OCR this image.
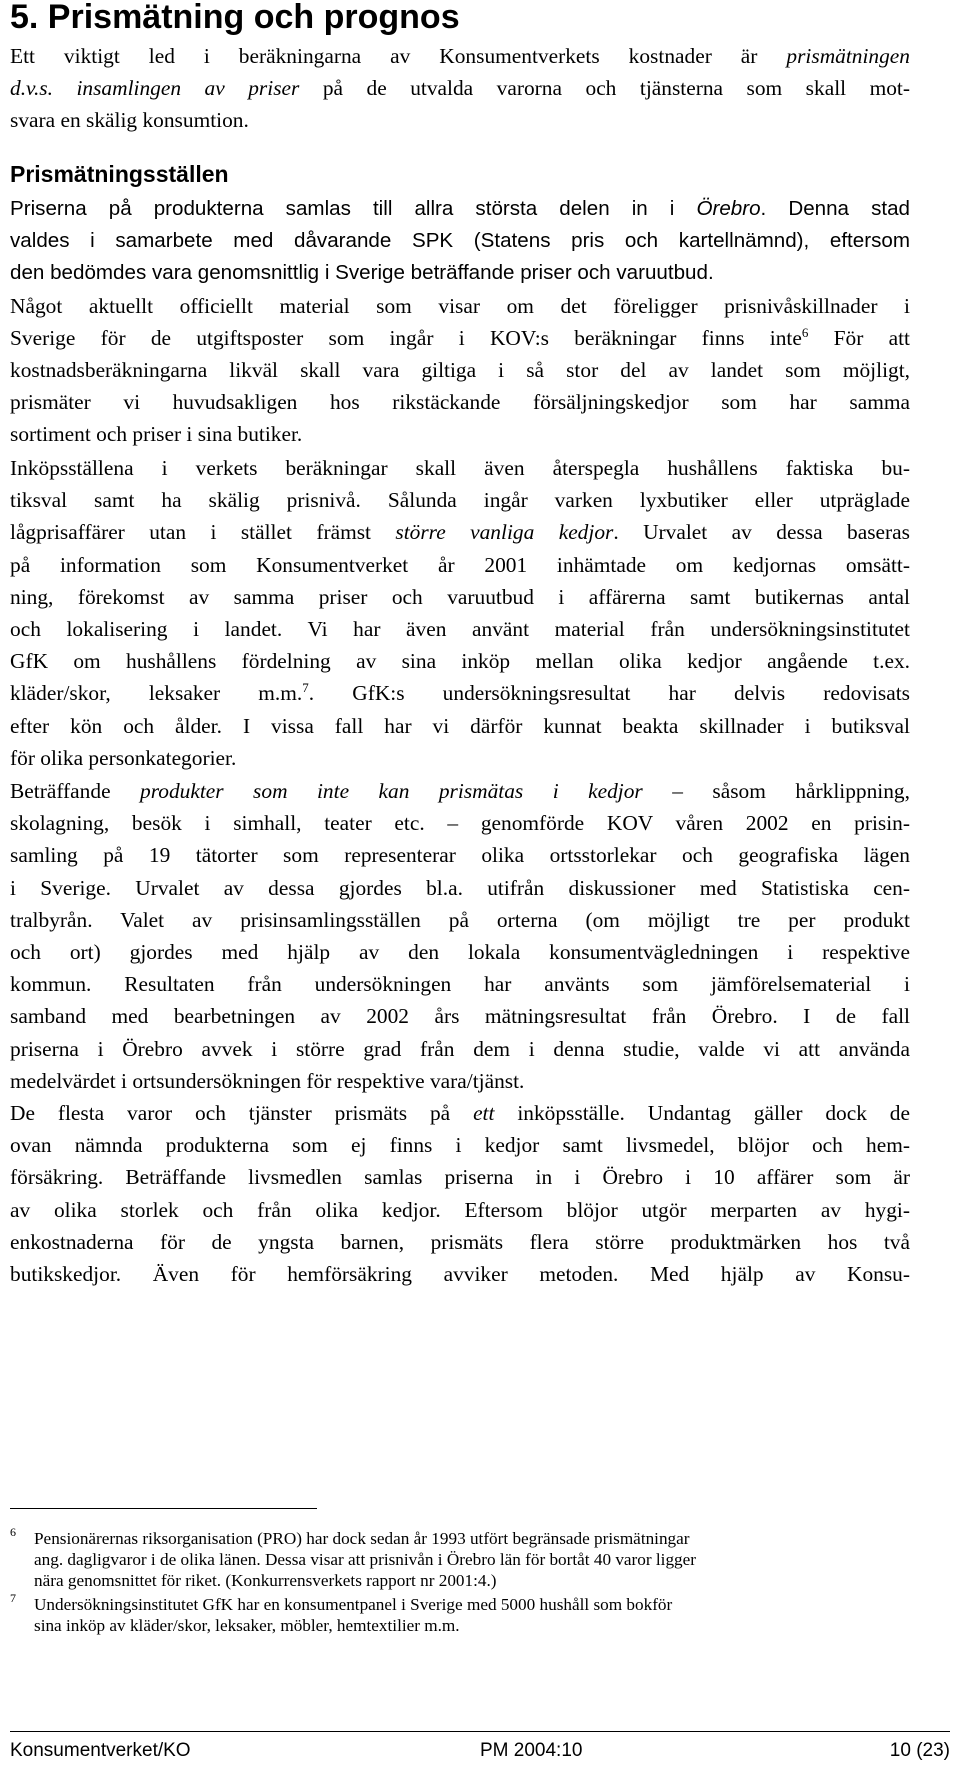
5. Prismätning och prognos
Ett viktigt led i beräkningarna av Konsumentverkets kostnader är prismätningen
d.v.s. insamlingen av priser på de utvalda varorna och tjänsterna som skall mot-
svara en skälig konsumtion.
Prismätningsställen
Priserna på produkterna samlas till allra största delen in i Örebro. Denna stad
valdes i samarbete med dåvarande SPK (Statens pris och kartellnämnd), eftersom
den bedömdes vara genomsnittlig i Sverige beträffande priser och varuutbud.
Något aktuellt officiellt material som visar om det föreligger prisnivåskillnader i
Sverige för de utgiftsposter som ingår i KOV:s beräkningar finns inte$^6$ För att
kostnadsberäkningarna likväl skall vara giltiga i så stor del av landet som möjligt,
prismäter vi huvudsakligen hos rikstäckande försäljningskedjor som har samma
sortiment och priser i sina butiker.
Inköpsställena i verkets beräkningar skall även återspegla hushållens faktiska bu-
tiksval samt ha skälig prisnivå. Sålunda ingår varken lyxbutiker eller utpräglade
lågprisaffärer utan i stället främst större vanliga kedjor. Urvalet av dessa baseras
på information som Konsumentverket år 2001 inhämtade om kedjornas omsätt-
ning, förekomst av samma priser och varuutbud i affärerna samt butikernas antal
och lokalisering i landet. Vi har även använt material från undersökningsinstitutet
GfK om hushållens fördelning av sina inköp mellan olika kedjor angående t.ex.
kläder/skor, leksaker m.m.$^7$. GfK:s undersökningsresultat har delvis redovisats
efter kön och ålder. I vissa fall har vi därför kunnat beakta skillnader i butiksval
för olika personkategorier.
Beträffande produkter som inte kan prismätas i kedjor – såsom hårklippning,
skolagning, besök i simhall, teater etc. – genomförde KOV våren 2002 en prisin-
samling på 19 tätorter som representerar olika ortsstorlekar och geografiska lägen
i Sverige. Urvalet av dessa gjordes bl.a. utifrån diskussioner med Statistiska cen-
tralbyrån. Valet av prisinsamlingsställen på orterna (om möjligt tre per produkt
och ort) gjordes med hjälp av den lokala konsumentvägledningen i respektive
kommun. Resultaten från undersökningen har använts som jämförelsematerial i
samband med bearbetningen av 2002 års mätningsresultat från Örebro. I de fall
priserna i Örebro avvek i större grad från dem i denna studie, valde vi att använda
medelvärdet i ortsundersökningen för respektive vara/tjänst.
De flesta varor och tjänster prismäts på ett inköpsställe. Undantag gäller dock de
ovan nämnda produkterna som ej finns i kedjor samt livsmedel, blöjor och hem-
försäkring. Beträffande livsmedlen samlas priserna in i Örebro i 10 affärer som är
av olika storlek och från olika kedjor. Eftersom blöjor utgör merparten av hygi-
enkostnaderna för de yngsta barnen, prismäts flera större produktmärken hos två
butikskedjor. Även för hemförsäkring avviker metoden. Med hjälp av Konsu-
6	Pensionärernas riksorganisation (PRO) har dock sedan år 1993 utfört begränsade prismätningar
ang. dagligvaror i de olika länen. Dessa visar att prisnivån i Örebro län för bortåt 40 varor ligger
nära genomsnittet för riket. (Konkurrensverkets rapport nr 2001:4.)
7	Undersökningsinstitutet GfK har en konsumentpanel i Sverige med 5000 hushåll som bokför
sina inköp av kläder/skor, leksaker, möbler, hemtextilier m.m.
Konsumentverket/KO	PM 2004:10	10 (23)
